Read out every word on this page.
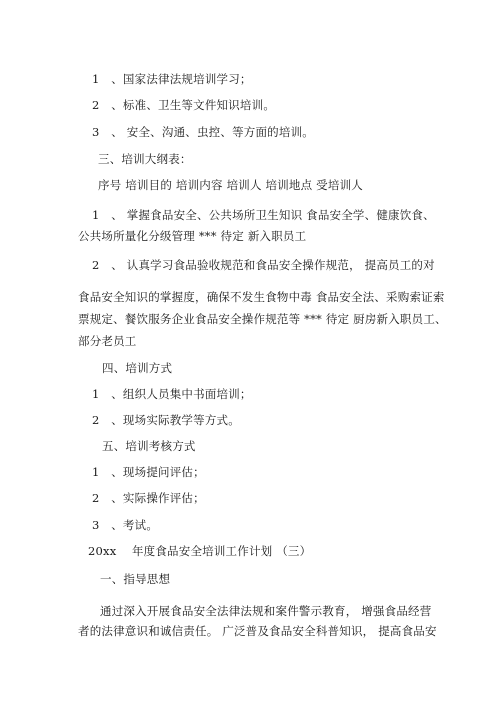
1　、国家法律法规培训学习；
2　、标准、卫生等文件知识培训。
3　、 安全、沟通、虫控、等方面的培训。
三、培训大纲表：
序号 培训目的 培训内容 培训人 培训地点 受培训人
1　、 掌握食品安全、公共场所卫生知识 食品安全学、健康饮食、
公共场所量化分级管理 *** 待定 新入职员工
2　、 认真学习食品验收规范和食品安全操作规范， 提高员工的对
食品安全知识的掌握度，确保不发生食物中毒 食品安全法、采购索证索
票规定、餐饮服务企业食品安全操作规范等 *** 待定 厨房新入职员工、
部分老员工
四、培训方式
1　、组织人员集中书面培训；
2　、现场实际教学等方式。
五、培训考核方式
1　、现场提问评估；
2　、实际操作评估；
3　、考试。
20xx　 年度食品安全培训工作计划 （三）
一、指导思想
通过深入开展食品安全法律法规和案件警示教育， 增强食品经营
者的法律意识和诚信责任。 广泛普及食品安全科普知识， 提高食品安
